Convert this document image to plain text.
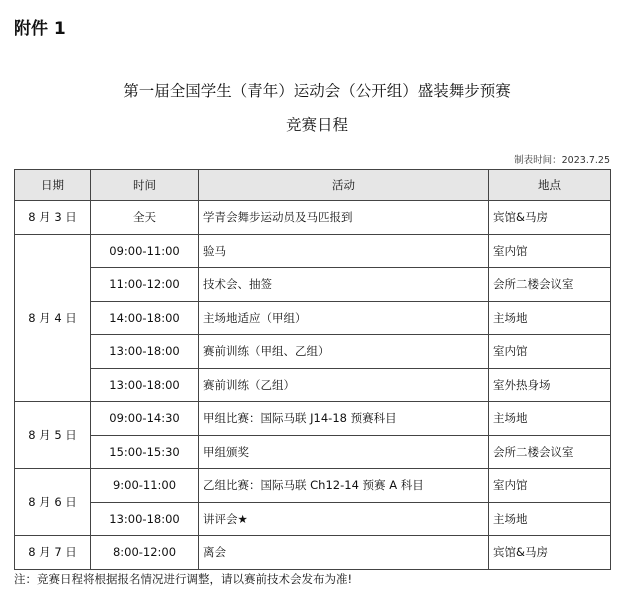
附件 1
第一届全国学生（青年）运动会（公开组）盛装舞步预赛
竞赛日程
制表时间：2023.7.25
日期	时间	活动	地点
8 月 3 日	全天	学青会舞步运动员及马匹报到	宾馆&马房
8 月 4 日	09:00-11:00	验马	室内馆
	11:00-12:00	技术会、抽签	会所二楼会议室
	14:00-18:00	主场地适应（甲组）	主场地
	13:00-18:00	赛前训练（甲组、乙组）	室内馆
	13:00-18:00	赛前训练（乙组）	室外热身场
8 月 5 日	09:00-14:30	甲组比赛：国际马联 J14-18 预赛科目	主场地
	15:00-15:30	甲组颁奖	会所二楼会议室
8 月 6 日	9:00-11:00	乙组比赛：国际马联 Ch12-14 预赛 A 科目	室内馆
	13:00-18:00	讲评会★	主场地
8 月 7 日	8:00-12:00	离会	宾馆&马房
注：竞赛日程将根据报名情况进行调整，请以赛前技术会发布为准!
